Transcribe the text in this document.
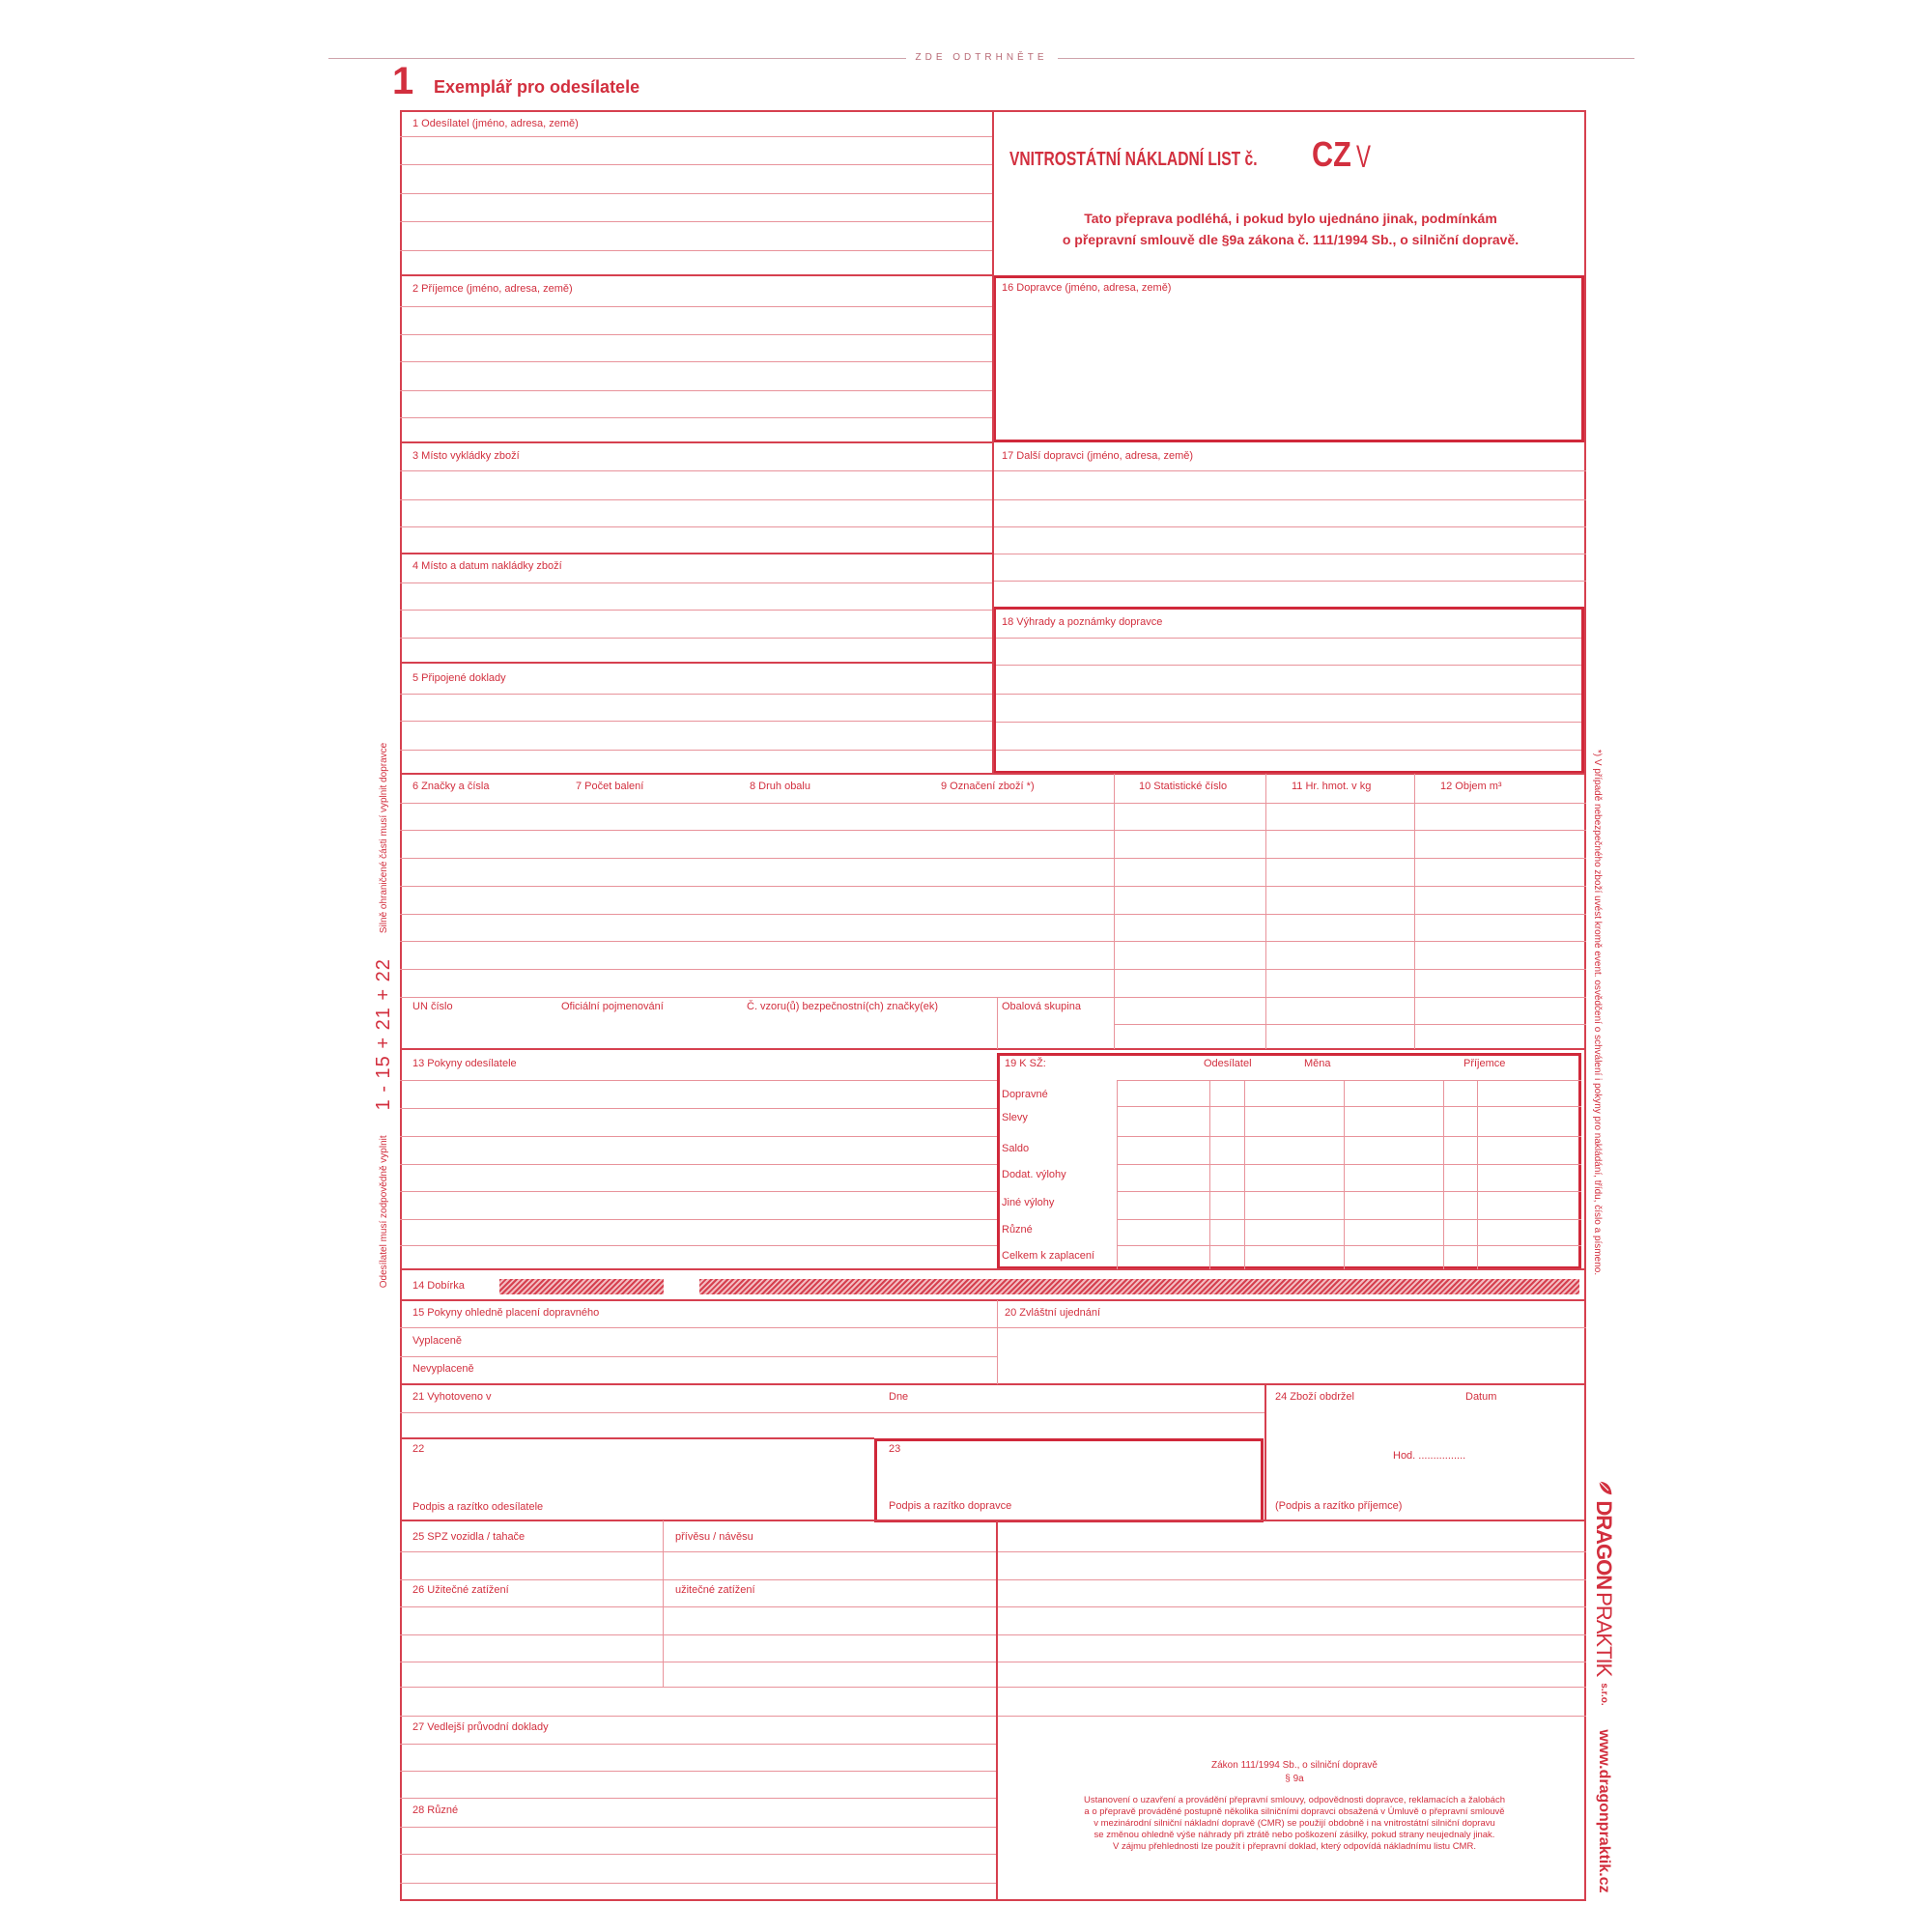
ZDE ODTRHNĚTE
1 Exemplář pro odesílatele
VNITROSTÁTNÍ NÁKLADNÍ LIST č. CZ V
Tato přeprava podléhá, i pokud bylo ujednáno jinak, podmínkám
o přepravní smlouvě dle §9a zákona č. 111/1994 Sb., o silniční dopravě.
1 Odesílatel (jméno, adresa, země)
2 Příjemce (jméno, adresa, země)
3 Místo vykládky zboží
4 Místo a datum nakládky zboží
5 Připojené doklady
16 Dopravce (jméno, adresa, země)
17 Další dopravci (jméno, adresa, země)
18 Výhrady a poznámky dopravce
6 Značky a čísla	7 Počet balení	8 Druh obalu	9 Označení zboží *)	10 Statistické číslo	11 Hr. hmot. v kg	12 Objem m³
UN číslo	Oficiální pojmenování	Č. vzoru(ů) bezpečnostní(ch) značky(ek)	Obalová skupina
13 Pokyny odesílatele	19 K SŽ:	Odesílatel	Měna	Příjemce
Dopravné
Slevy
Saldo
Dodat. výlohy
Jiné výlohy
Různé
Celkem k zaplacení
14 Dobírka
15 Pokyny ohledně placení dopravného
Vyplaceně
Nevyplaceně
20 Zvláštní ujednání
21 Vyhotoveno v	Dne	24 Zboží obdržel	Datum
Hod. ................
(Podpis a razítko příjemce)
22
Podpis a razítko odesílatele
23
Podpis a razítko dopravce
25 SPZ vozidla / tahače	přívěsu / návěsu
26 Užitečné zatížení	užitečné zatížení
27 Vedlejší průvodní doklady
28 Různé
Zákon 111/1994 Sb., o silniční dopravě
§ 9a
Ustanovení o uzavření a provádění přepravní smlouvy, odpovědnosti dopravce, reklamacích a žalobách
a o přepravě prováděné postupně několika silničními dopravci obsažená v Úmluvě o přepravní smlouvě
v mezinárodní silniční nákladní dopravě (CMR) se použijí obdobně i na vnitrostátní silniční dopravu
se změnou ohledně výše náhrady při ztrátě nebo poškození zásilky, pokud strany neujednaly jinak.
V zájmu přehlednosti lze použít i přepravní doklad, který odpovídá nákladnímu listu CMR.
Odesílatel musí zodpovědně vyplnit
1 - 15 + 21 + 22
Silně ohraničené části musí vyplnit dopravce	*) V případě nebezpečného zboží uvést kromě event. osvědčení o schválení i pokyny pro nakládání, třídu, číslo a písmeno.
DRAGON
PRAKTIK
s.r.o.
www.dragonpraktik.cz
